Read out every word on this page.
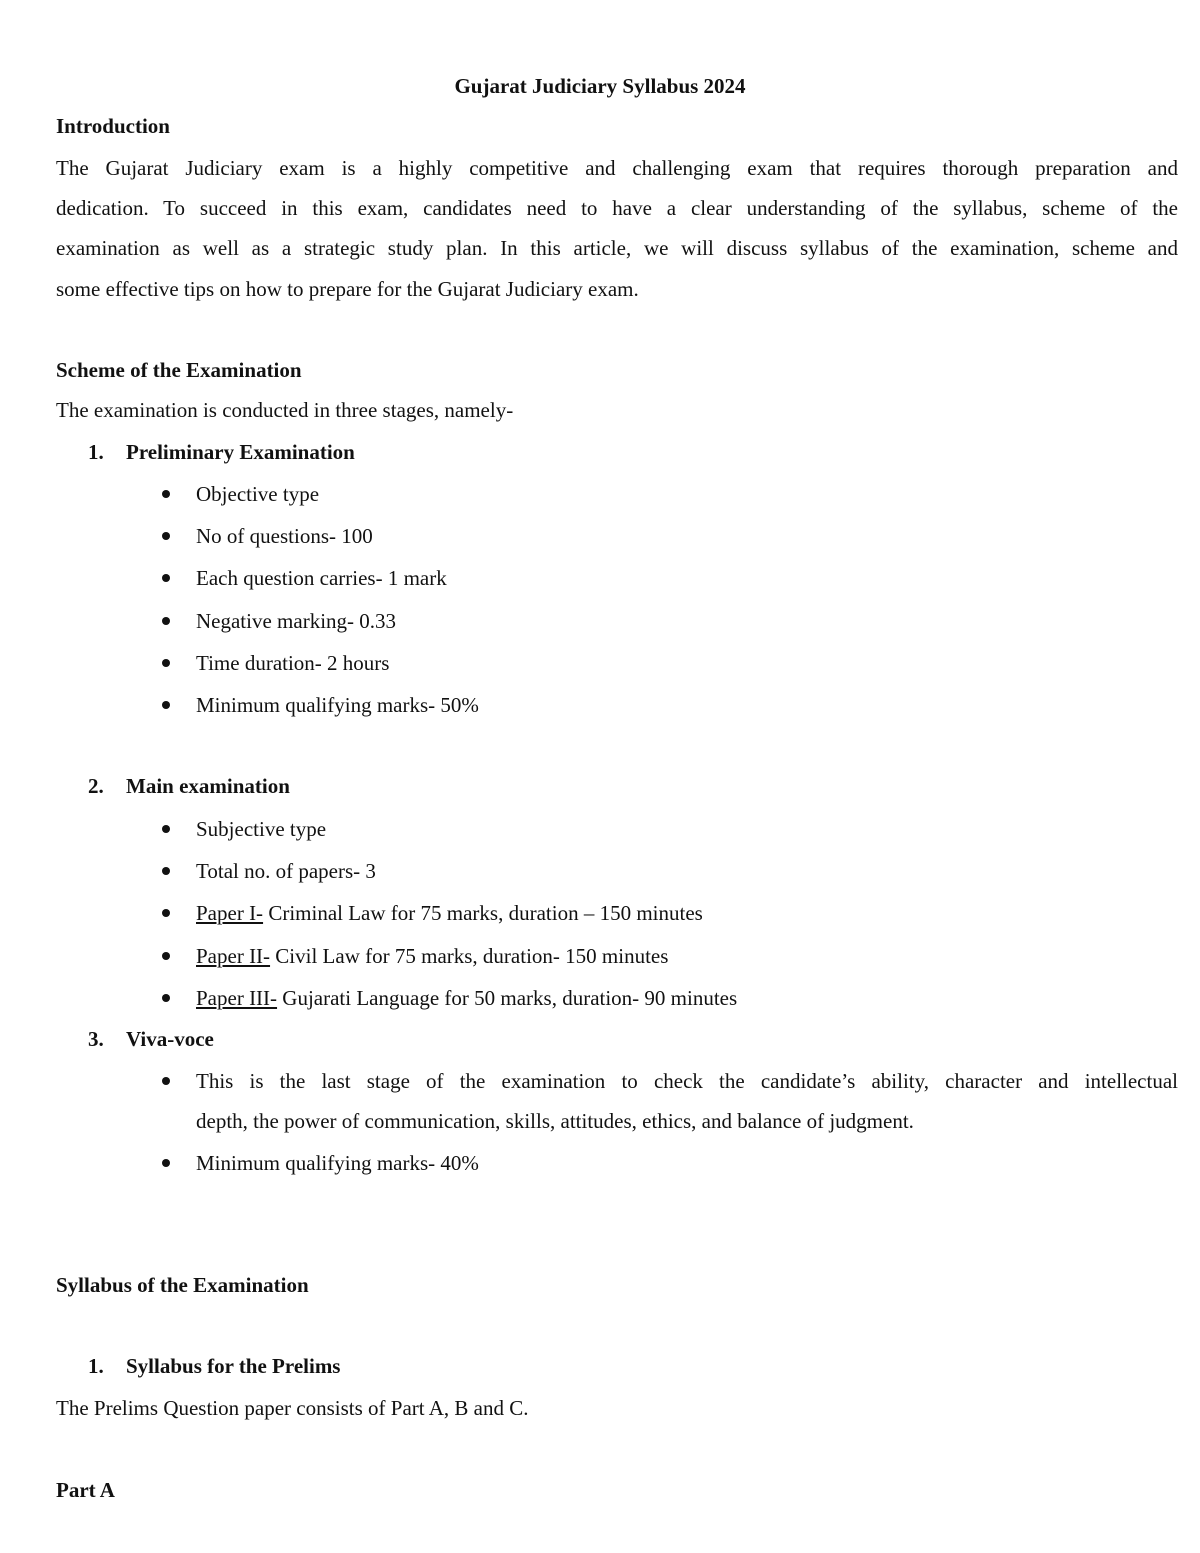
Gujarat Judiciary Syllabus 2024
Introduction
The Gujarat Judiciary exam is a highly competitive and challenging exam that requires thorough preparation and
dedication. To succeed in this exam, candidates need to have a clear understanding of the syllabus, scheme of the
examination as well as a strategic study plan. In this article, we will discuss syllabus of the examination, scheme and
some effective tips on how to prepare for the Gujarat Judiciary exam.
Scheme of the Examination
The examination is conducted in three stages, namely-
1. Preliminary Examination
Objective type
No of questions- 100
Each question carries- 1 mark
Negative marking- 0.33
Time duration- 2 hours
Minimum qualifying marks- 50%
2. Main examination
Subjective type
Total no. of papers- 3
Paper I- Criminal Law for 75 marks, duration – 150 minutes
Paper II- Civil Law for 75 marks, duration- 150 minutes
Paper III- Gujarati Language for 50 marks, duration- 90 minutes
3. Viva-voce
This is the last stage of the examination to check the candidate’s ability, character and intellectual
depth, the power of communication, skills, attitudes, ethics, and balance of judgment.
Minimum qualifying marks- 40%
Syllabus of the Examination
1. Syllabus for the Prelims
The Prelims Question paper consists of Part A, B and C.
Part A
